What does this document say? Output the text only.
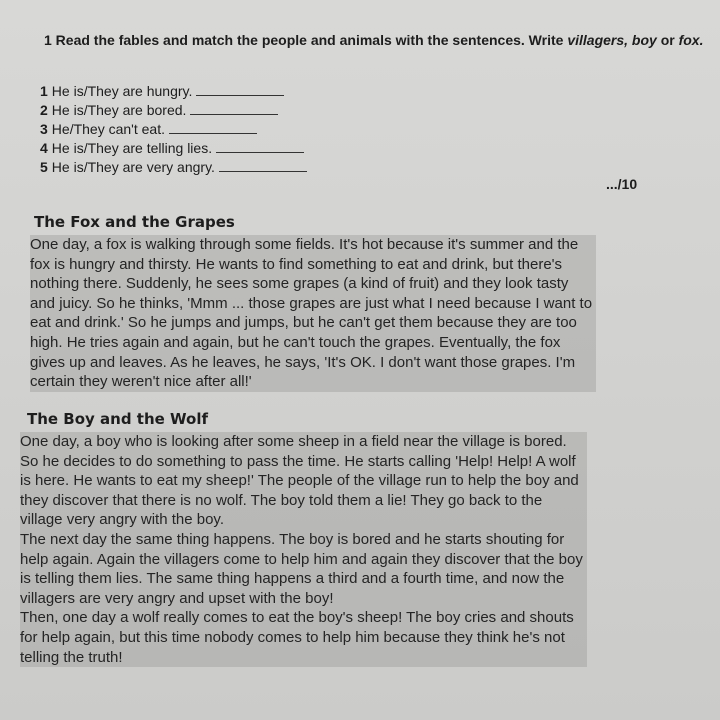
1 Read the fables and match the people and animals with the sentences. Write villagers, boy or fox.
1 He is/They are hungry.
2 He is/They are bored.
3 He/They can't eat.
4 He is/They are telling lies.
5 He is/They are very angry.
.../10
The Fox and the Grapes
One day, a fox is walking through some fields. It's hot because it's summer and the
fox is hungry and thirsty. He wants to find something to eat and drink, but there's
nothing there. Suddenly, he sees some grapes (a kind of fruit) and they look tasty
and juicy. So he thinks, 'Mmm ... those grapes are just what I need because I want to
eat and drink.' So he jumps and jumps, but he can't get them because they are too
high. He tries again and again, but he can't touch the grapes. Eventually, the fox
gives up and leaves. As he leaves, he says, 'It's OK. I don't want those grapes. I'm
certain they weren't nice after all!'
The Boy and the Wolf
One day, a boy who is looking after some sheep in a field near the village is bored.
So he decides to do something to pass the time. He starts calling 'Help! Help! A wolf
is here. He wants to eat my sheep!' The people of the village run to help the boy and
they discover that there is no wolf. The boy told them a lie! They go back to the
village very angry with the boy.
The next day the same thing happens. The boy is bored and he starts shouting for
help again. Again the villagers come to help him and again they discover that the boy
is telling them lies. The same thing happens a third and a fourth time, and now the
villagers are very angry and upset with the boy!
Then, one day a wolf really comes to eat the boy's sheep! The boy cries and shouts
for help again, but this time nobody comes to help him because they think he's not
telling the truth!
